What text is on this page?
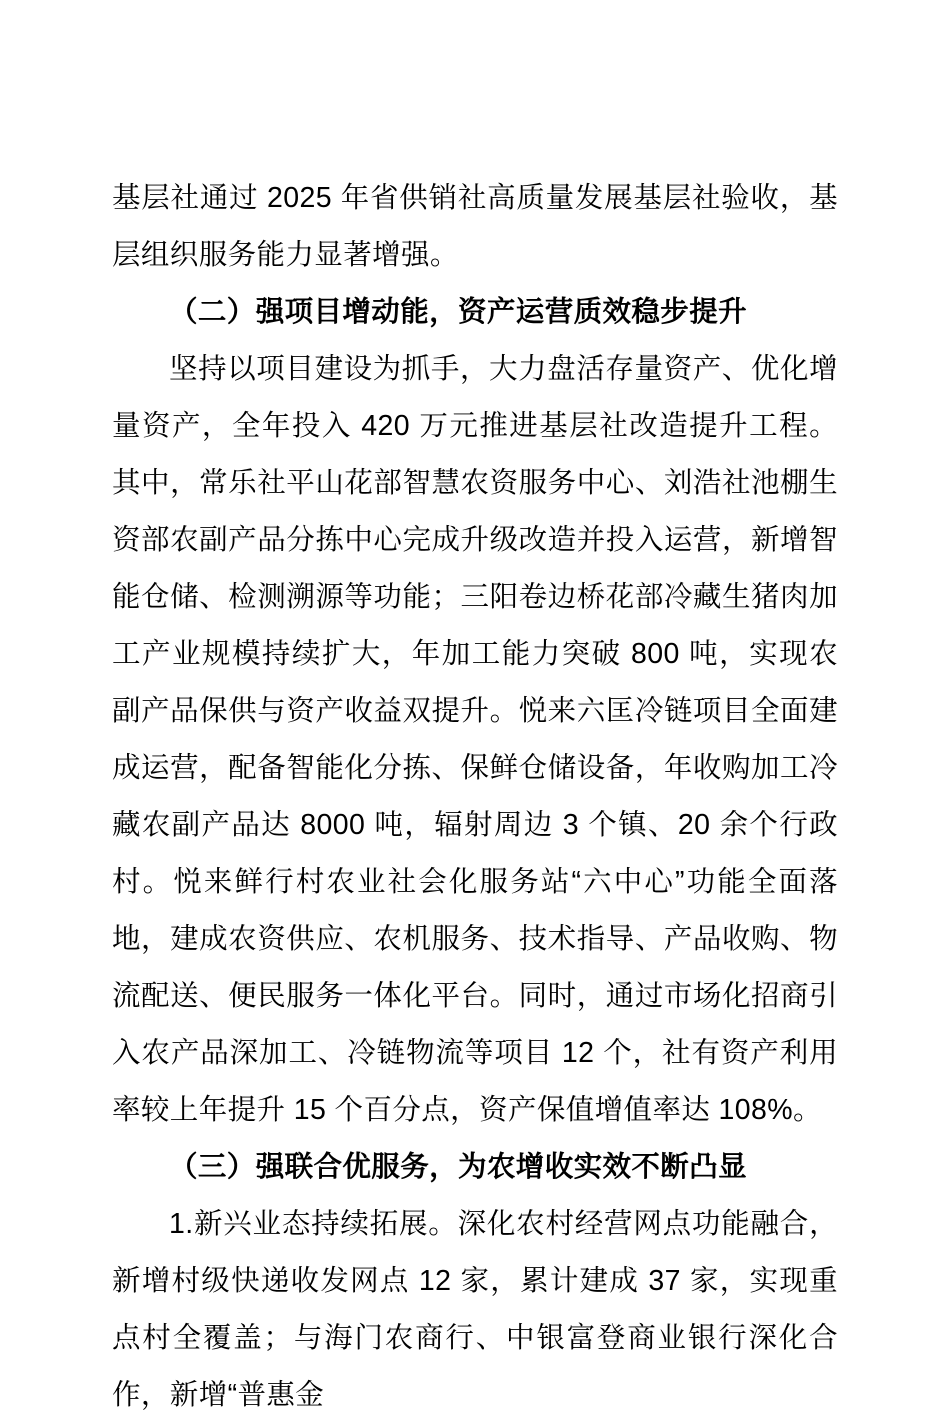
基层社通过 2025 年省供销社高质量发展基层社验收，基层组织服务能力显著增强。

（二）强项目增动能，资产运营质效稳步提升

坚持以项目建设为抓手，大力盘活存量资产、优化增量资产，全年投入 420 万元推进基层社改造提升工程。其中，常乐社平山花部智慧农资服务中心、刘浩社池棚生资部农副产品分拣中心完成升级改造并投入运营，新增智能仓储、检测溯源等功能；三阳卷边桥花部冷藏生猪肉加工产业规模持续扩大，年加工能力突破 800 吨，实现农副产品保供与资产收益双提升。悦来六匡冷链项目全面建成运营，配备智能化分拣、保鲜仓储设备，年收购加工冷藏农副产品达 8000 吨，辐射周边 3 个镇、20 余个行政村。悦来鲜行村农业社会化服务站“六中心”功能全面落地，建成农资供应、农机服务、技术指导、产品收购、物流配送、便民服务一体化平台。同时，通过市场化招商引入农产品深加工、冷链物流等项目 12 个，社有资产利用率较上年提升 15 个百分点，资产保值增值率达 108%。

（三）强联合优服务，为农增收实效不断凸显

1.新兴业态持续拓展。深化农村经营网点功能融合，新增村级快递收发网点 12 家，累计建成 37 家，实现重点村全覆盖；与海门农商行、中银富登商业银行深化合作，新增“普惠金
